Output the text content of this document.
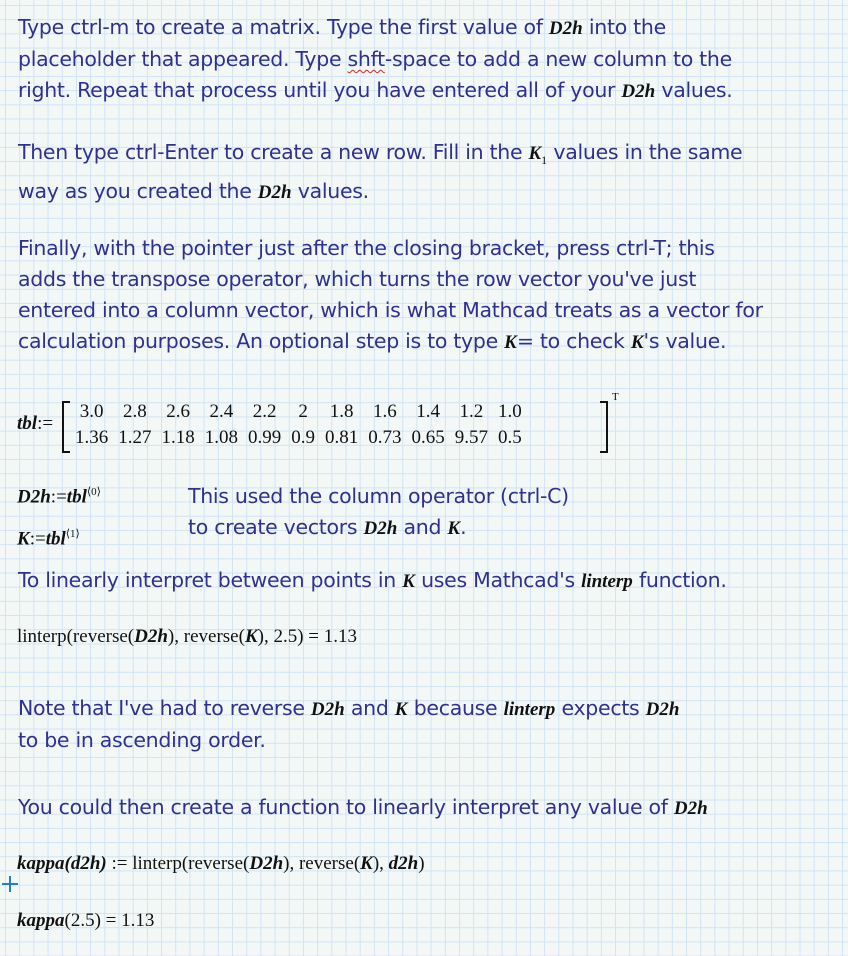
Type ctrl-m to create a matrix. Type the first value of D2h into the
placeholder that appeared. Type shft-space to add a new column to the
right. Repeat that process until you have entered all of your D2h values.
Then type ctrl-Enter to create a new row. Fill in the $K_1$ values in the same
way as you created the D2h values.
Finally, with the pointer just after the closing bracket, press ctrl-T; this
adds the transpose operator, which turns the row vector you've just
entered into a column vector, which is what Mathcad treats as a vector for
calculation purposes. An optional step is to type K= to check K's value.
tbl:=
3.0	2.8	2.6	2.4	2.2	2	1.8	1.6	1.4	1.2	1.0
1.36	1.27	1.18	1.08	0.99	0.9	0.81	0.73	0.65	9.57	0.5
T
D2h:=tbl$^{⟨0⟩}$
K:=tbl$^{⟨1⟩}$
This used the column operator (ctrl-C)
to create vectors D2h and K.
To linearly interpret between points in K uses Mathcad's linterp function.
linterp(reverse(D2h), reverse(K), 2.5) = 1.13
Note that I've had to reverse D2h and K because linterp expects D2h
to be in ascending order.
You could then create a function to linearly interpret any value of D2h
kappa(d2h) := linterp(reverse(D2h), reverse(K), d2h)
kappa(2.5) = 1.13
